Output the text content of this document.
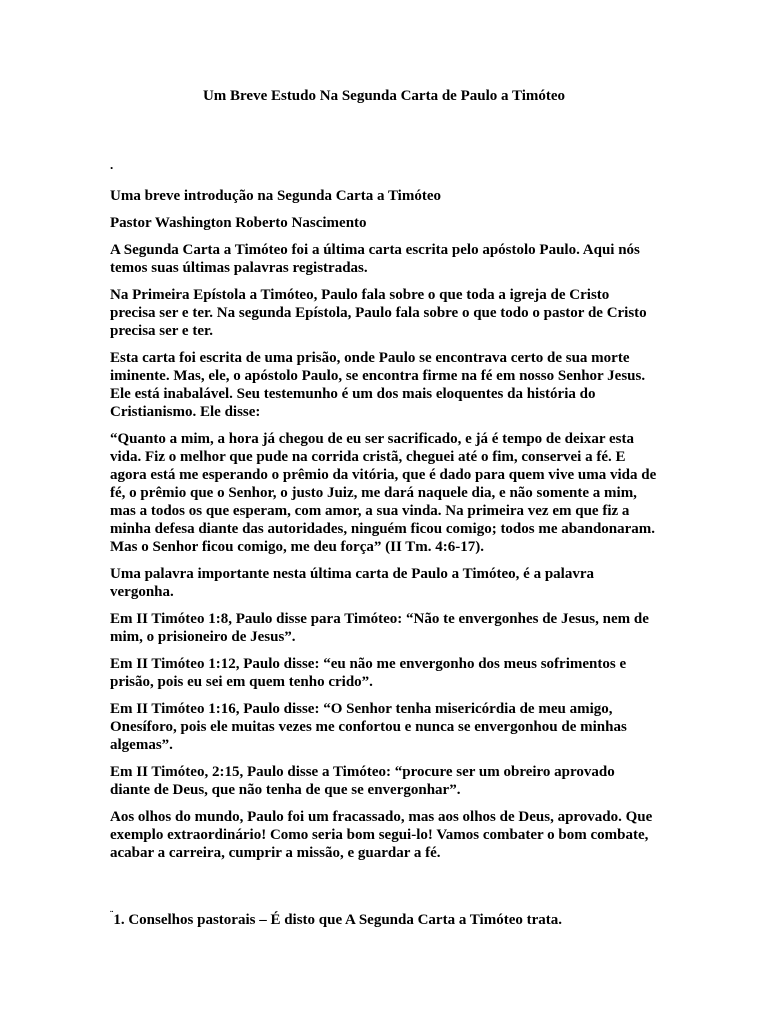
Um Breve Estudo Na Segunda Carta de Paulo a Timóteo

.

Uma breve introdução na Segunda Carta a Timóteo

Pastor Washington Roberto Nascimento

A Segunda Carta a Timóteo foi a última carta escrita pelo apóstolo Paulo. Aqui nós temos suas últimas palavras registradas.

Na Primeira Epístola a Timóteo, Paulo fala sobre o que toda a igreja de Cristo precisa ser e ter. Na segunda Epístola, Paulo fala sobre o que todo o pastor de Cristo precisa ser e ter.

Esta carta foi escrita de uma prisão, onde Paulo se encontrava certo de sua morte iminente. Mas, ele, o apóstolo Paulo, se encontra firme na fé em nosso Senhor Jesus. Ele está inabalável. Seu testemunho é um dos mais eloquentes da história do Cristianismo. Ele disse:

“Quanto a mim, a hora já chegou de eu ser sacrificado, e já é tempo de deixar esta vida. Fiz o melhor que pude na corrida cristã, cheguei até o fim, conservei a fé. E agora está me esperando o prêmio da vitória, que é dado para quem vive uma vida de fé, o prêmio que o Senhor, o justo Juiz, me dará naquele dia, e não somente a mim, mas a todos os que esperam, com amor, a sua vinda. Na primeira vez em que fiz a minha defesa diante das autoridades, ninguém ficou comigo; todos me abandonaram. Mas o Senhor ficou comigo, me deu força” (II Tm. 4:6-17).

Uma palavra importante nesta última carta de Paulo a Timóteo, é a palavra vergonha.

Em II Timóteo 1:8, Paulo disse para Timóteo: “Não te envergonhes de Jesus, nem de mim, o prisioneiro de Jesus”.

Em II Timóteo 1:12, Paulo disse: “eu não me envergonho dos meus sofrimentos e prisão, pois eu sei em quem tenho crido”.

Em II Timóteo 1:16, Paulo disse: “O Senhor tenha misericórdia de meu amigo, Onesíforo, pois ele muitas vezes me confortou e nunca se envergonhou de minhas algemas”.

Em II Timóteo, 2:15, Paulo disse a Timóteo: “procure ser um obreiro aprovado diante de Deus, que não tenha de que se envergonhar”.

Aos olhos do mundo, Paulo foi um fracassado, mas aos olhos de Deus, aprovado. Que exemplo extraordinário! Como seria bom segui-lo! Vamos combater o bom combate, acabar a carreira, cumprir a missão, e guardar a fé.

¨1. Conselhos pastorais – É disto que A Segunda Carta a Timóteo trata.
